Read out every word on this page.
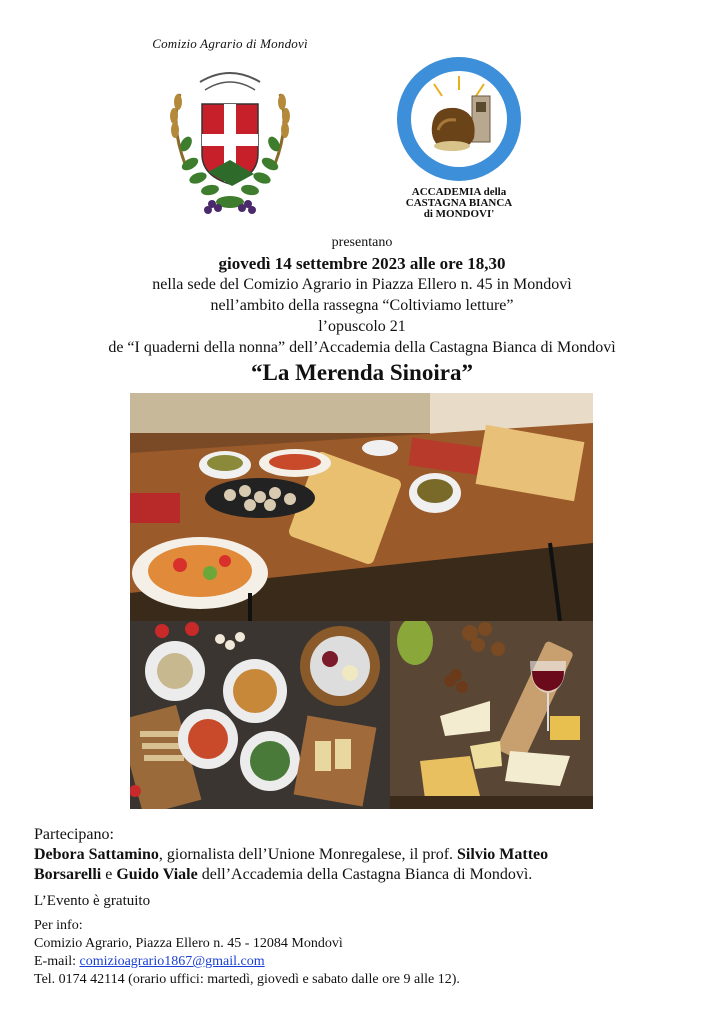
Comizio Agrario di Mondovì
ACCADEMIA della
CASTAGNA BIANCA
di MONDOVI'
presentano
giovedì 14 settembre 2023 alle ore 18,30
nella sede del Comizio Agrario in Piazza Ellero n. 45 in Mondovì
nell’ambito della rassegna “Coltiviamo letture”
l’opuscolo 21
de “I quaderni della nonna” dell’Accademia della Castagna Bianca di Mondovì
“La Merenda Sinoira”
Partecipano:
Debora Sattamino, giornalista dell’Unione Monregalese, il prof. Silvio Matteo
Borsarelli e Guido Viale dell’Accademia della Castagna Bianca di Mondovì.
L’Evento è gratuito
Per info:
Comizio Agrario, Piazza Ellero n. 45 - 12084 Mondovì
E-mail: comizioagrario1867@gmail.com
Tel. 0174 42114 (orario uffici: martedì, giovedì e sabato dalle ore 9 alle 12).
